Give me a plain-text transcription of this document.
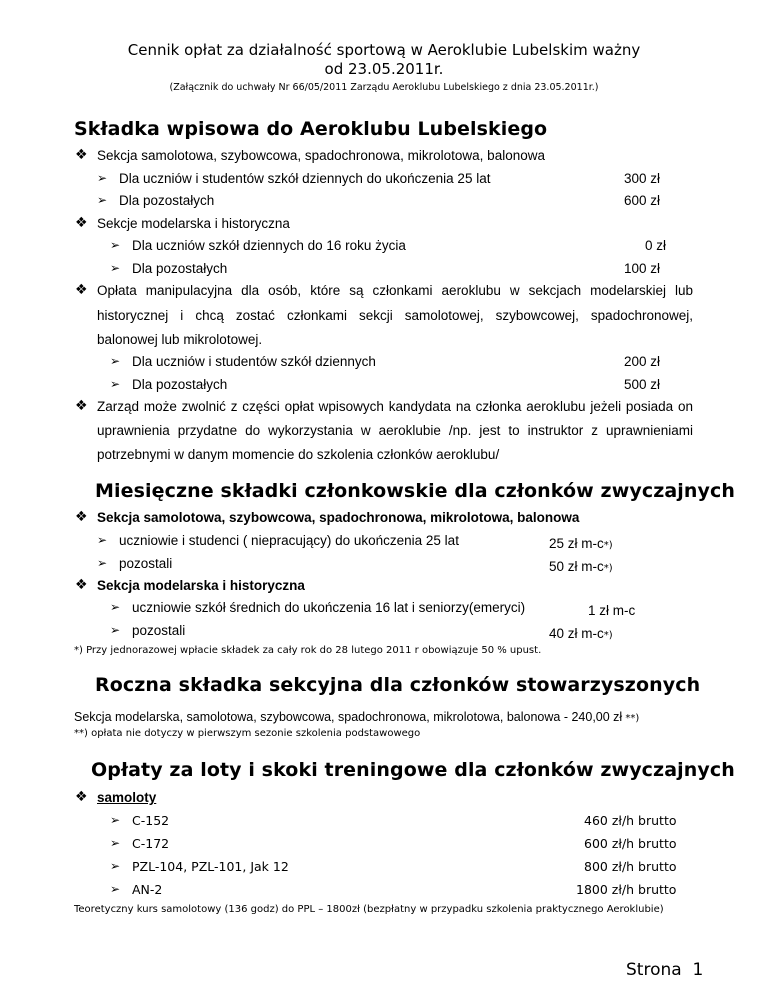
Cennik opłat za działalność sportową w Aeroklubie Lubelskim ważny
od 23.05.2011r.
(Załącznik do uchwały Nr 66/05/2011 Zarządu Aeroklubu Lubelskiego z dnia 23.05.2011r.)
Składka wpisowa do Aeroklubu Lubelskiego
❖ Sekcja samolotowa, szybowcowa, spadochronowa, mikrolotowa, balonowa
➢ Dla uczniów i studentów szkół dziennych do ukończenia 25 lat	300 zł
➢ Dla pozostałych	600 zł
❖ Sekcje modelarska i historyczna
➢ Dla uczniów szkół dziennych do 16 roku życia	0 zł
➢ Dla pozostałych	100 zł
❖ Opłata manipulacyjna dla osób, które są członkami aeroklubu w sekcjach modelarskiej lub
historycznej i chcą zostać członkami sekcji samolotowej, szybowcowej, spadochronowej,
balonowej lub mikrolotowej.
➢ Dla uczniów i studentów szkół dziennych	200 zł
➢ Dla pozostałych	500 zł
❖ Zarząd może zwolnić z części opłat wpisowych kandydata na członka aeroklubu jeżeli posiada on
uprawnienia przydatne do wykorzystania w aeroklubie /np. jest to instruktor z uprawnieniami
potrzebnymi w danym momencie do szkolenia członków aeroklubu/
Miesięczne składki członkowskie dla członków zwyczajnych
❖ Sekcja samolotowa, szybowcowa, spadochronowa, mikrolotowa, balonowa
➢ uczniowie i studenci ( niepracujący) do ukończenia 25 lat	25 zł m-c*)
➢ pozostali	50 zł m-c*)
❖ Sekcja modelarska i historyczna
➢ uczniowie szkół średnich do ukończenia 16 lat i seniorzy(emeryci)	1 zł m-c
➢ pozostali	40 zł m-c*)
*) Przy jednorazowej wpłacie składek za cały rok do 28 lutego 2011 r obowiązuje 50 % upust.
Roczna składka sekcyjna dla członków stowarzyszonych
Sekcja modelarska, samolotowa, szybowcowa, spadochronowa, mikrolotowa, balonowa - 240,00 zł **)
**) opłata nie dotyczy w pierwszym sezonie szkolenia podstawowego
Opłaty za loty i skoki treningowe dla członków zwyczajnych
❖ samoloty
➢ C-152	460 zł/h brutto
➢ C-172	600 zł/h brutto
➢ PZL-104, PZL-101, Jak 12	800 zł/h brutto
➢ AN-2	1800 zł/h brutto
Teoretyczny kurs samolotowy (136 godz) do PPL – 1800zł (bezpłatny w przypadku szkolenia praktycznego Aeroklubie)
Strona 1
